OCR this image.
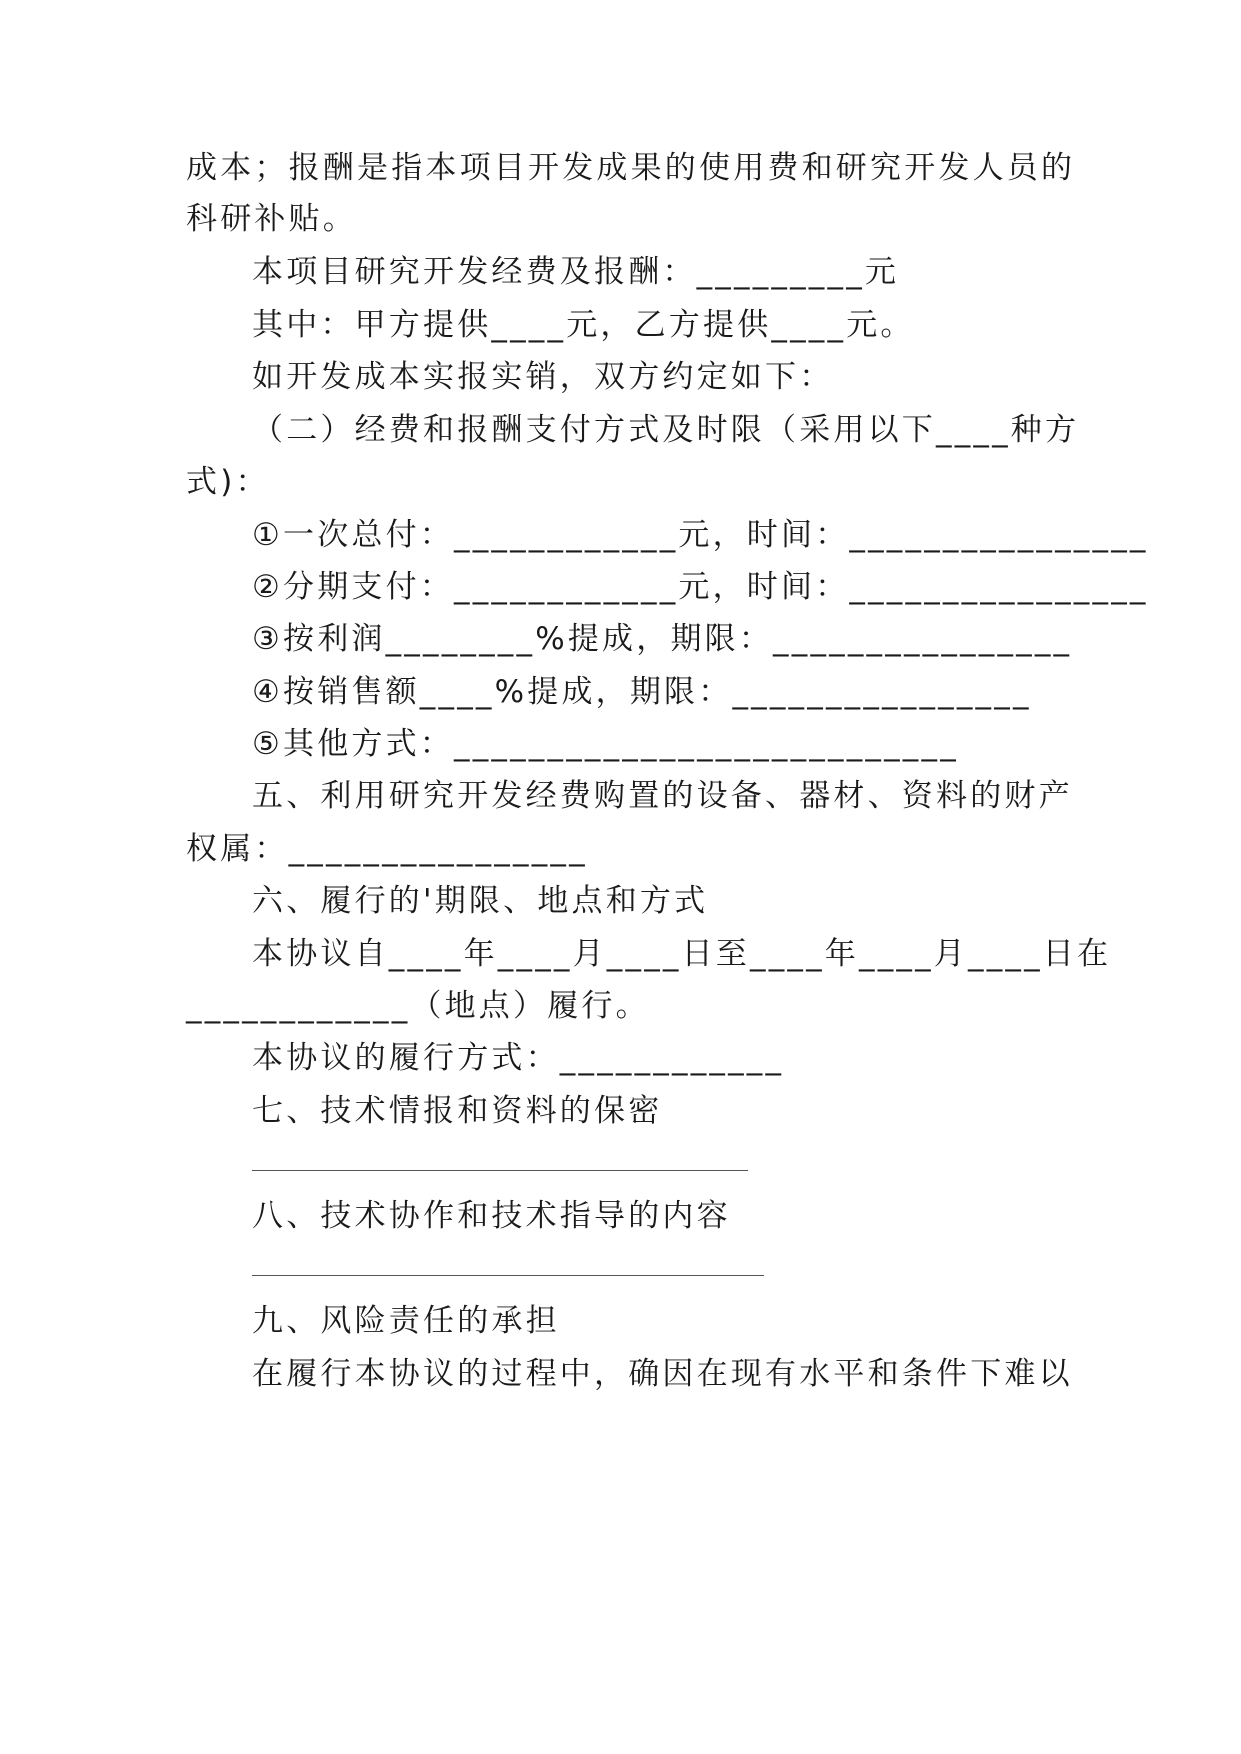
成本；报酬是指本项目开发成果的使用费和研究开发人员的
科研补贴。
本项目研究开发经费及报酬：_________元
其中：甲方提供____元，乙方提供____元。
如开发成本实报实销，双方约定如下：
（二）经费和报酬支付方式及时限（采用以下____种方
式)：
①一次总付：____________元，时间：________________
②分期支付：____________元，时间：________________
③按利润________%提成，期限：________________
④按销售额____%提成，期限：________________
⑤其他方式：___________________________
五、利用研究开发经费购置的设备、器材、资料的财产
权属：________________
六、履行的'期限、地点和方式
本协议自____年____月____日至____年____月____日在
____________（地点）履行。
本协议的履行方式：____________
七、技术情报和资料的保密
八、技术协作和技术指导的内容
九、风险责任的承担
在履行本协议的过程中，确因在现有水平和条件下难以
